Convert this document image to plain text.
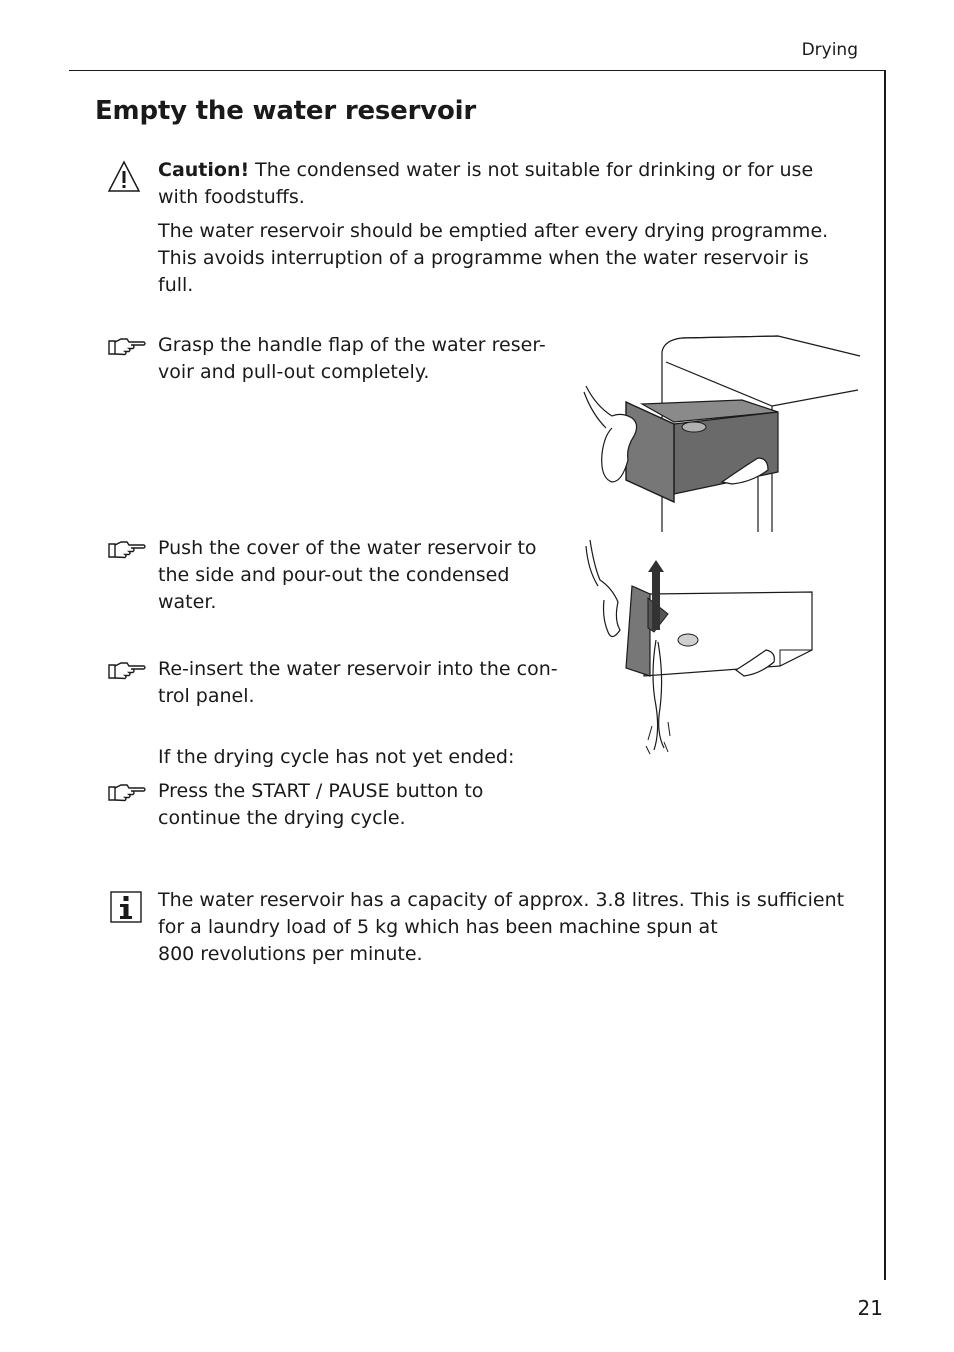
Drying
Empty the water reservoir

Caution! The condensed water is not suitable for drinking or for use with foodstuffs.

The water reservoir should be emptied after every drying programme.
This avoids interruption of a programme when the water reservoir is
full.

Grasp the handle flap of the water reser-
voir and pull-out completely.

Push the cover of the water reservoir to
the side and pour-out the condensed
water.

Re-insert the water reservoir into the con-
trol panel.

If the drying cycle has not yet ended:

Press the START / PAUSE button to
continue the drying cycle.

The water reservoir has a capacity of approx. 3.8 litres. This is sufficient
for a laundry load of 5 kg which has been machine spun at
800 revolutions per minute.

21
